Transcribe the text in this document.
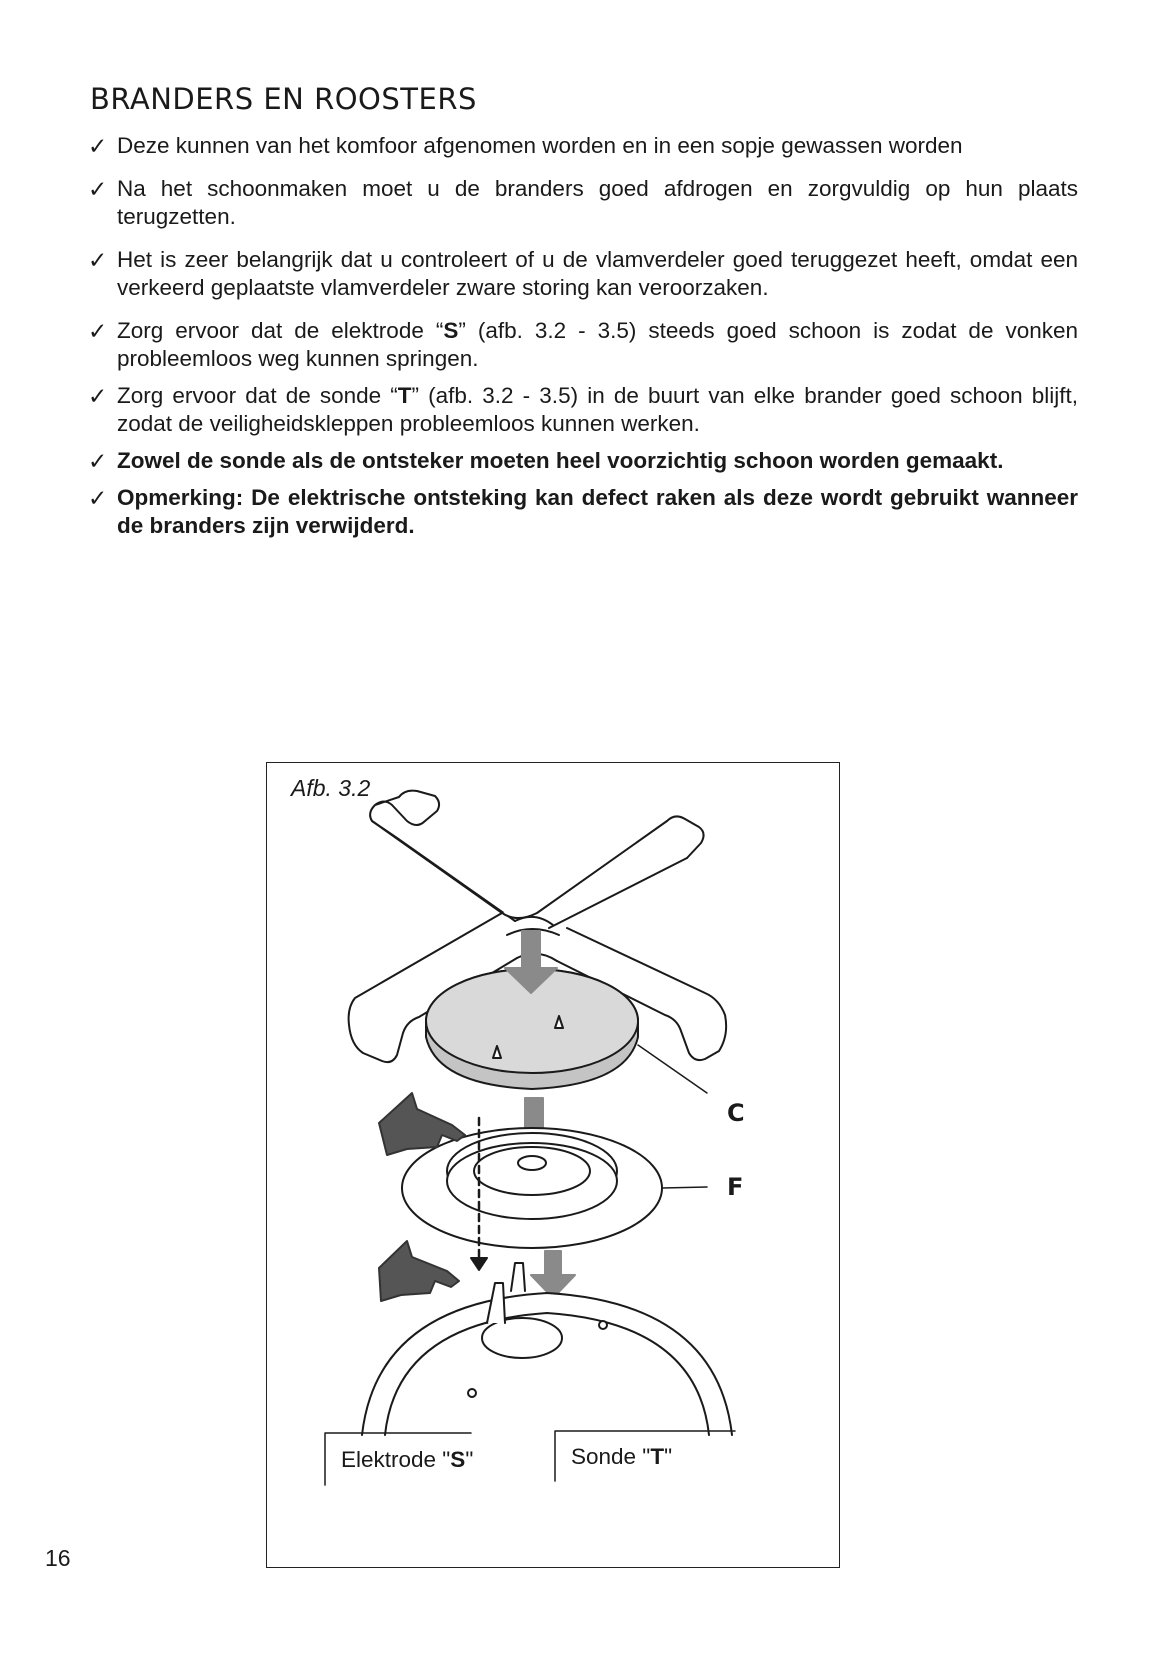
BRANDERS EN ROOSTERS
✓ Deze kunnen van het komfoor afgenomen worden en in een sopje gewassen worden
✓ Na het schoonmaken moet u de branders goed afdrogen en zorgvuldig op hun plaats terugzetten.
✓ Het is zeer belangrijk dat u controleert of u de vlamverdeler goed teruggezet heeft, omdat een verkeerd geplaatste vlamverdeler zware storing kan veroorzaken.
✓ Zorg ervoor dat de elektrode “S” (afb. 3.2 - 3.5) steeds goed schoon is zodat de vonken probleemloos weg kunnen springen.
✓ Zorg ervoor dat de sonde “T” (afb. 3.2 - 3.5) in de buurt van elke brander goed schoon blijft, zodat de veiligheidskleppen probleemloos kunnen werken.
✓ Zowel de sonde als de ontsteker moeten heel voorzichtig schoon worden gemaakt.
✓ Opmerking: De elektrische ontsteking kan defect raken als deze wordt gebruikt wanneer de branders zijn verwijderd.
Afb. 3.2
C
F
Elektrode "S"	Sonde "T"
16
